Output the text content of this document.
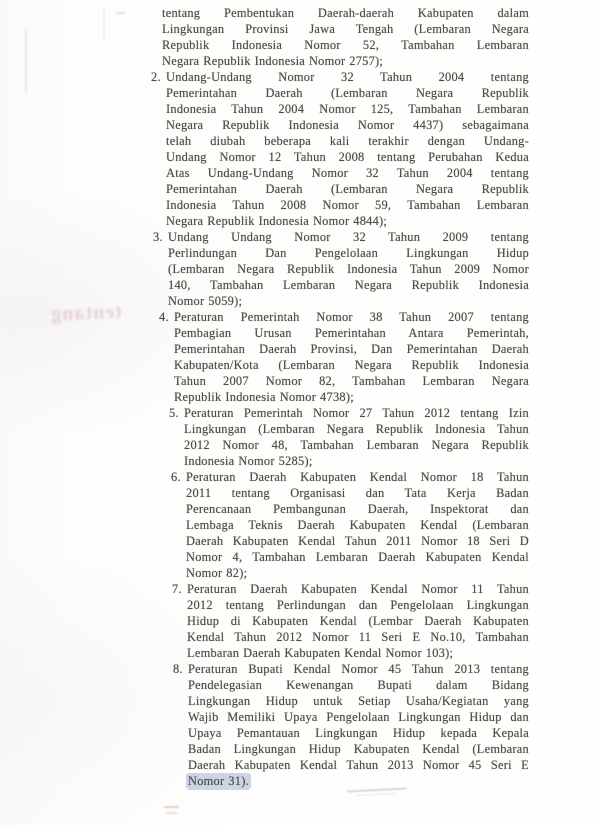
tentang
tentang Pembentukan Daerah-daerah Kabupaten dalam
Lingkungan Provinsi Jawa Tengah (Lembaran Negara
Republik Indonesia Nomor 52, Tambahan Lembaran
Negara Republik Indonesia Nomor 2757);
2. Undang-Undang Nomor 32 Tahun 2004 tentang
Pemerintahan Daerah (Lembaran Negara Republik
Indonesia Tahun 2004 Nomor 125, Tambahan Lembaran
Negara Republik Indonesia Nomor 4437) sebagaimana
telah diubah beberapa kali terakhir dengan Undang-
Undang Nomor 12 Tahun 2008 tentang Perubahan Kedua
Atas Undang-Undang Nomor 32 Tahun 2004 tentang
Pemerintahan Daerah (Lembaran Negara Republik
Indonesia Tahun 2008 Nomor 59, Tambahan Lembaran
Negara Republik Indonesia Nomor 4844);
3. Undang Undang Nomor 32 Tahun 2009 tentang
Perlindungan Dan Pengelolaan Lingkungan Hidup
(Lembaran Negara Republik Indonesia Tahun 2009 Nomor
140, Tambahan Lembaran Negara Republik Indonesia
Nomor 5059);
4. Peraturan Pemerintah Nomor 38 Tahun 2007 tentang
Pembagian Urusan Pemerintahan Antara Pemerintah,
Pemerintahan Daerah Provinsi, Dan Pemerintahan Daerah
Kabupaten/Kota (Lembaran Negara Republik Indonesia
Tahun 2007 Nomor 82, Tambahan Lembaran Negara
Republik Indonesia Nomor 4738);
5. Peraturan Pemerintah Nomor 27 Tahun 2012 tentang Izin
Lingkungan (Lembaran Negara Republik Indonesia Tahun
2012 Nomor 48, Tambahan Lembaran Negara Republik
Indonesia Nomor 5285);
6. Peraturan Daerah Kabupaten Kendal Nomor 18 Tahun
2011 tentang Organisasi dan Tata Kerja Badan
Perencanaan Pembangunan Daerah, Inspektorat dan
Lembaga Teknis Daerah Kabupaten Kendal (Lembaran
Daerah Kabupaten Kendal Tahun 2011 Nomor 18 Seri D
Nomor 4, Tambahan Lembaran Daerah Kabupaten Kendal
Nomor 82);
7. Peraturan Daerah Kabupaten Kendal Nomor 11 Tahun
2012 tentang Perlindungan dan Pengelolaan Lingkungan
Hidup di Kabupaten Kendal (Lembar Daerah Kabupaten
Kendal Tahun 2012 Nomor 11 Seri E No.10, Tambahan
Lembaran Daerah Kabupaten Kendal Nomor 103);
8. Peraturan Bupati Kendal Nomor 45 Tahun 2013 tentang
Pendelegasian Kewenangan Bupati dalam Bidang
Lingkungan Hidup untuk Setiap Usaha/Kegiatan yang
Wajib Memiliki Upaya Pengelolaan Lingkungan Hidup dan
Upaya Pemantauan Lingkungan Hidup kepada Kepala
Badan Lingkungan Hidup Kabupaten Kendal (Lembaran
Daerah Kabupaten Kendal Tahun 2013 Nomor 45 Seri E
Nomor 31).
